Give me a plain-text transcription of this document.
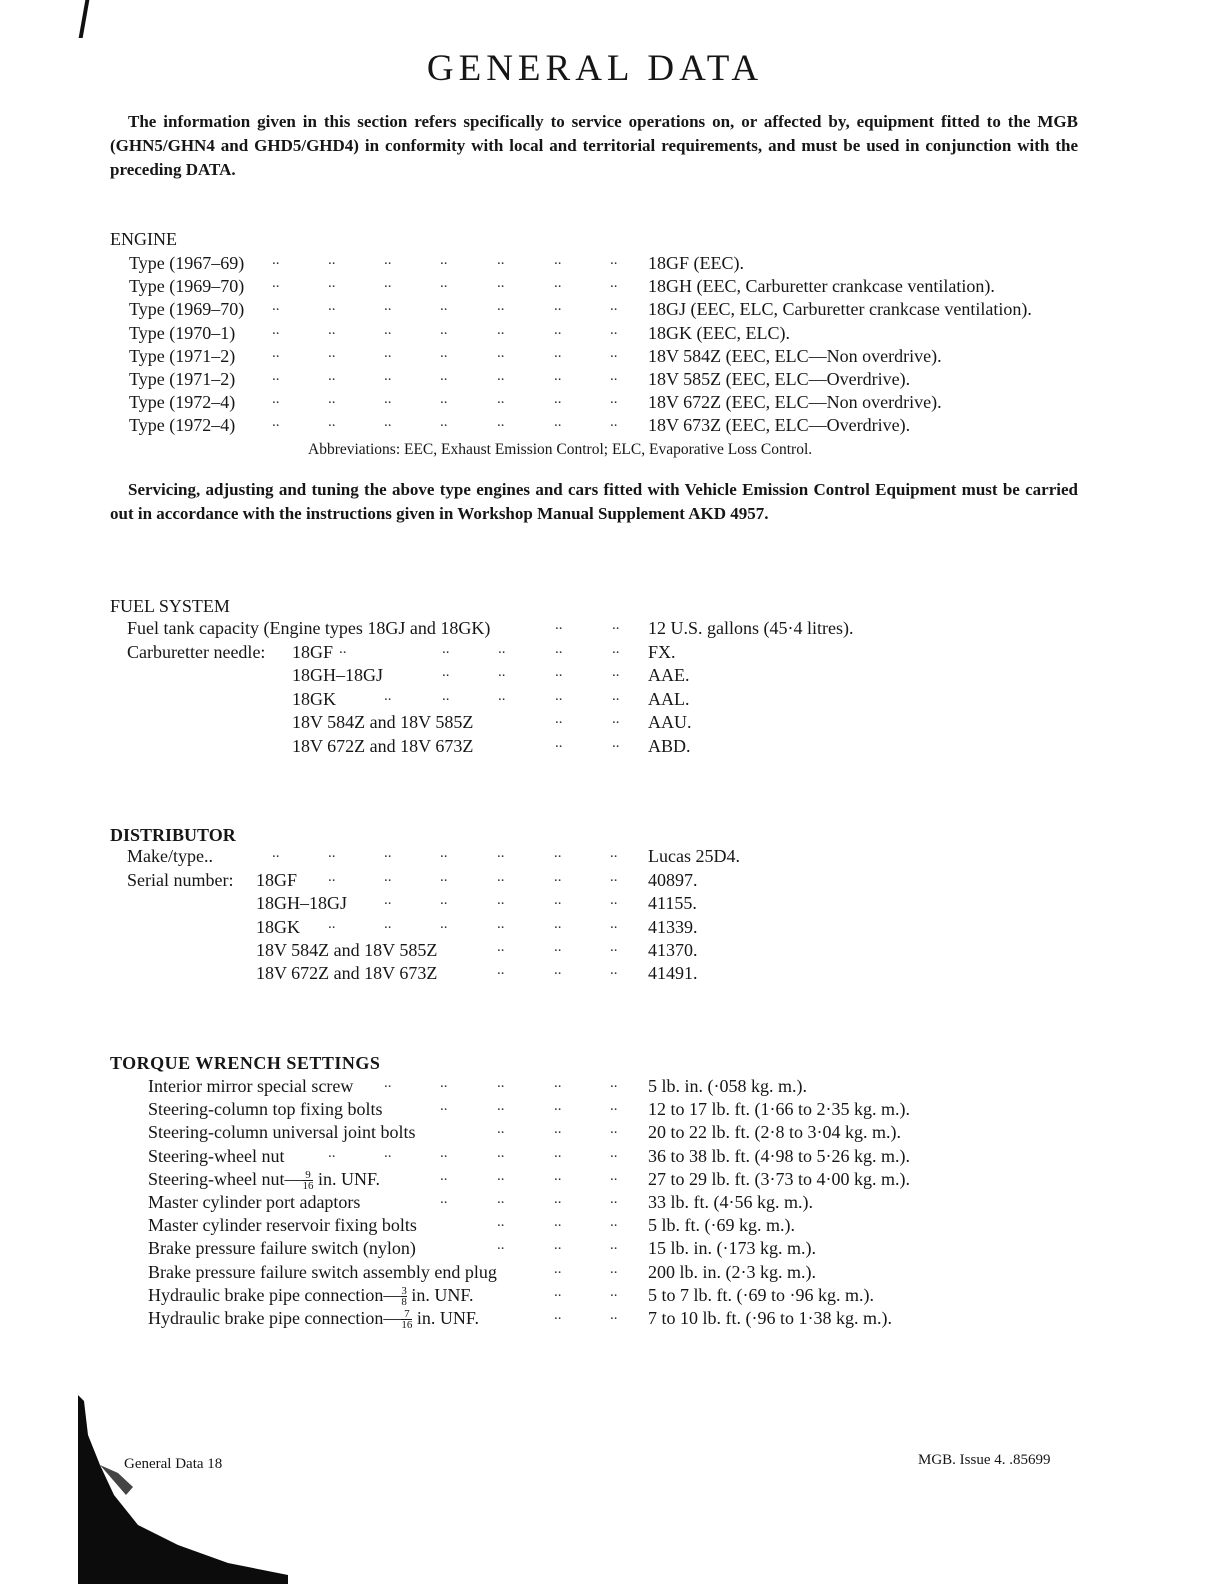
GENERAL DATA

The information given in this section refers specifically to service operations on, or affected by, equipment fitted to the MGB (GHN5/GHN4 and GHD5/GHD4) in conformity with local and territorial requirements, and must be used in conjunction with the preceding DATA.

ENGINE
Type (1967–69) ..	..	..	..	..	..	.. 18GF (EEC).
Type (1969–70) ..	..	..	..	..	..	.. 18GH (EEC, Carburetter crankcase ventilation).
Type (1969–70) ..	..	..	..	..	..	.. 18GJ (EEC, ELC, Carburetter crankcase ventilation).
Type (1970–1) ..	..	..	..	..	..	.. 18GK (EEC, ELC).
Type (1971–2) ..	..	..	..	..	..	.. 18V 584Z (EEC, ELC—Non overdrive).
Type (1971–2) ..	..	..	..	..	..	.. 18V 585Z (EEC, ELC—Overdrive).
Type (1972–4) ..	..	..	..	..	..	.. 18V 672Z (EEC, ELC—Non overdrive).
Type (1972–4) ..	..	..	..	..	..	.. 18V 673Z (EEC, ELC—Overdrive).
Abbreviations: EEC, Exhaust Emission Control; ELC, Evaporative Loss Control.

Servicing, adjusting and tuning the above type engines and cars fitted with Vehicle Emission Control Equipment must be carried out in accordance with the instructions given in Workshop Manual Supplement AKD 4957.

FUEL SYSTEM
Fuel tank capacity (Engine types 18GJ and 18GK)	..	.. 12 U.S. gallons (45·4 litres).
Carburetter needle: 18GF ..	..	..	..	.. FX.
18GH–18GJ	..	..	..	.. AAE.
18GK	..	..	..	..	.. AAL.
18V 584Z and 18V 585Z	..	.. AAU.
18V 672Z and 18V 673Z	..	.. ABD.
DISTRIBUTOR
Make/type..	..	..	..	..	..	..	.. Lucas 25D4.
Serial number: 18GF ..	..	..	..	..	.. 40897.
18GH–18GJ ..	..	..	..	.. 41155.
18GK ..	..	..	..	..	.. 41339.
18V 584Z and 18V 585Z	..	..	.. 41370.
18V 672Z and 18V 673Z	..	..	.. 41491.
TORQUE WRENCH SETTINGS
Interior mirror special screw ..	..	..	..	.. 5 lb. in. (·058 kg. m.).
Steering-column top fixing bolts	..	..	..	.. 12 to 17 lb. ft. (1·66 to 2·35 kg. m.).
Steering-column universal joint bolts	..	..	.. 20 to 22 lb. ft. (2·8 to 3·04 kg. m.).
Steering-wheel nut	..	..	..	..	..	.. 36 to 38 lb. ft. (4·98 to 5·26 kg. m.).
Steering-wheel $nut—\frac{9}{16}$ in. UNF.	..	..	..	.. 27 to 29 lb. ft. (3·73 to 4·00 kg. m.).
Master cylinder port adaptors	..	..	..	.. 33 lb. ft. (4·56 kg. m.).
Master cylinder reservoir fixing bolts	..	..	.. 5 lb. ft. (·69 kg. m.).
Brake pressure failure switch (nylon)	..	..	.. 15 lb. in. (·173 kg. m.).
Brake pressure failure switch assembly end plug	..	.. 200 lb. in. (2·3 kg. m.).
Hydraulic brake pipe $connection—\frac{3}{8}$ in. UNF.	..	.. 5 to 7 lb. ft. (·69 to ·96 kg. m.).
Hydraulic brake pipe $connection—\frac{7}{16}$ in. UNF.	..	.. 7 to 10 lb. ft. (·96 to 1·38 kg. m.).
General Data 18	MGB. Issue 4. .85699
